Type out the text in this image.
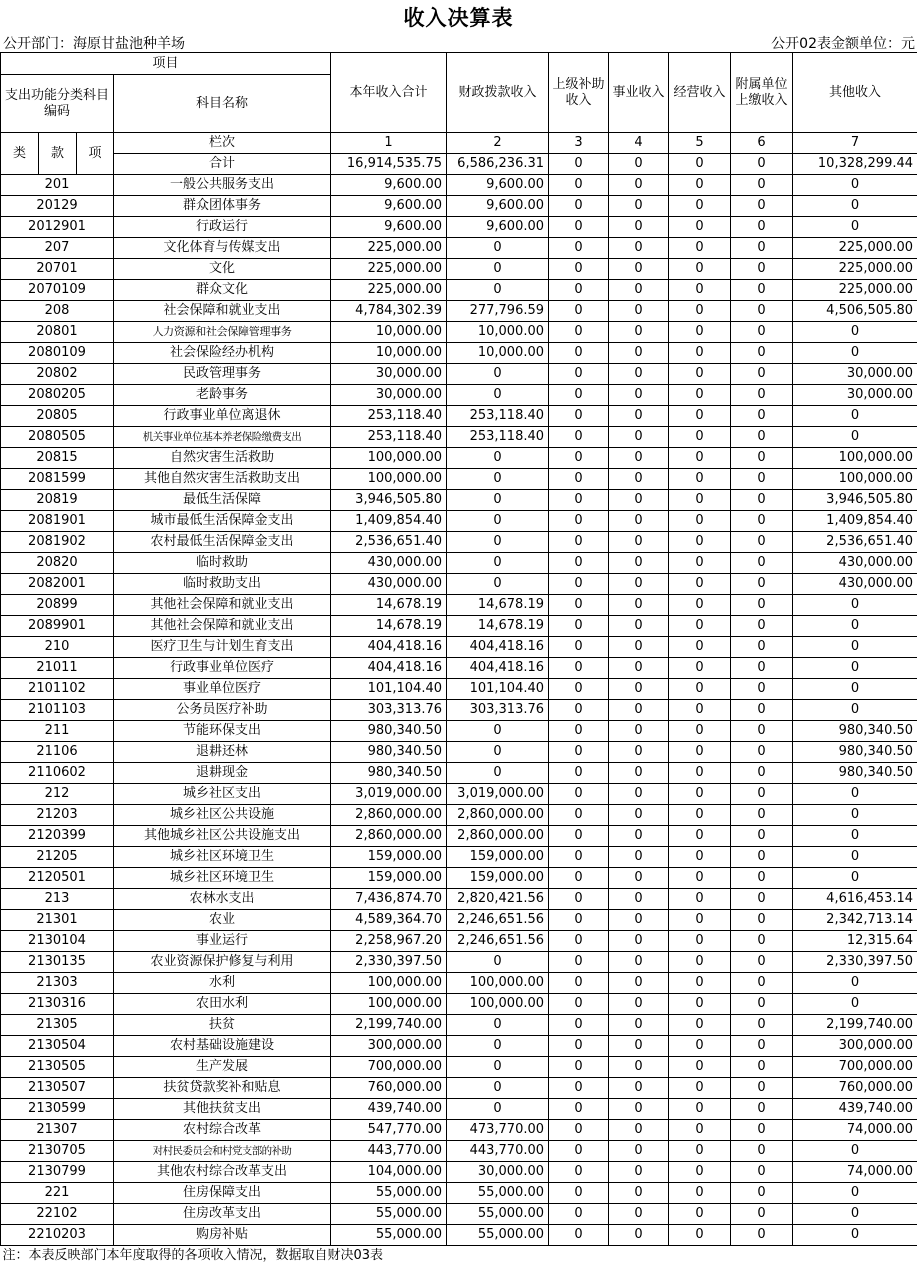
收入决算表
公开部门：海原甘盐池种羊场	公开02表金额单位：元
项目				本年收入合计	财政拨款收入	上级补助收入	事业收入	经营收入	附属单位上缴收入	其他收入
支出功能分类科目编码			科目名称							
类	款	项	栏次	1	2	3	4	5	6	7
			合计	16,914,535.75	6,586,236.31	0	0	0	0	10,328,299.44
201			一般公共服务支出	9,600.00	9,600.00	0	0	0	0	0
20129			群众团体事务	9,600.00	9,600.00	0	0	0	0	0
2012901			行政运行	9,600.00	9,600.00	0	0	0	0	0
207			文化体育与传媒支出	225,000.00	0	0	0	0	0	225,000.00
20701			文化	225,000.00	0	0	0	0	0	225,000.00
2070109			群众文化	225,000.00	0	0	0	0	0	225,000.00
208			社会保障和就业支出	4,784,302.39	277,796.59	0	0	0	0	4,506,505.80
20801			人力资源和社会保障管理事务	10,000.00	10,000.00	0	0	0	0	0
2080109			社会保险经办机构	10,000.00	10,000.00	0	0	0	0	0
20802			民政管理事务	30,000.00	0	0	0	0	0	30,000.00
2080205			老龄事务	30,000.00	0	0	0	0	0	30,000.00
20805			行政事业单位离退休	253,118.40	253,118.40	0	0	0	0	0
2080505			机关事业单位基本养老保险缴费支出	253,118.40	253,118.40	0	0	0	0	0
20815			自然灾害生活救助	100,000.00	0	0	0	0	0	100,000.00
2081599			其他自然灾害生活救助支出	100,000.00	0	0	0	0	0	100,000.00
20819			最低生活保障	3,946,505.80	0	0	0	0	0	3,946,505.80
2081901			城市最低生活保障金支出	1,409,854.40	0	0	0	0	0	1,409,854.40
2081902			农村最低生活保障金支出	2,536,651.40	0	0	0	0	0	2,536,651.40
20820			临时救助	430,000.00	0	0	0	0	0	430,000.00
2082001			临时救助支出	430,000.00	0	0	0	0	0	430,000.00
20899			其他社会保障和就业支出	14,678.19	14,678.19	0	0	0	0	0
2089901			其他社会保障和就业支出	14,678.19	14,678.19	0	0	0	0	0
210			医疗卫生与计划生育支出	404,418.16	404,418.16	0	0	0	0	0
21011			行政事业单位医疗	404,418.16	404,418.16	0	0	0	0	0
2101102			事业单位医疗	101,104.40	101,104.40	0	0	0	0	0
2101103			公务员医疗补助	303,313.76	303,313.76	0	0	0	0	0
211			节能环保支出	980,340.50	0	0	0	0	0	980,340.50
21106			退耕还林	980,340.50	0	0	0	0	0	980,340.50
2110602			退耕现金	980,340.50	0	0	0	0	0	980,340.50
212			城乡社区支出	3,019,000.00	3,019,000.00	0	0	0	0	0
21203			城乡社区公共设施	2,860,000.00	2,860,000.00	0	0	0	0	0
2120399			其他城乡社区公共设施支出	2,860,000.00	2,860,000.00	0	0	0	0	0
21205			城乡社区环境卫生	159,000.00	159,000.00	0	0	0	0	0
2120501			城乡社区环境卫生	159,000.00	159,000.00	0	0	0	0	0
213			农林水支出	7,436,874.70	2,820,421.56	0	0	0	0	4,616,453.14
21301			农业	4,589,364.70	2,246,651.56	0	0	0	0	2,342,713.14
2130104			事业运行	2,258,967.20	2,246,651.56	0	0	0	0	12,315.64
2130135			农业资源保护修复与利用	2,330,397.50	0	0	0	0	0	2,330,397.50
21303			水利	100,000.00	100,000.00	0	0	0	0	0
2130316			农田水利	100,000.00	100,000.00	0	0	0	0	0
21305			扶贫	2,199,740.00	0	0	0	0	0	2,199,740.00
2130504			农村基础设施建设	300,000.00	0	0	0	0	0	300,000.00
2130505			生产发展	700,000.00	0	0	0	0	0	700,000.00
2130507			扶贫贷款奖补和贴息	760,000.00	0	0	0	0	0	760,000.00
2130599			其他扶贫支出	439,740.00	0	0	0	0	0	439,740.00
21307			农村综合改革	547,770.00	473,770.00	0	0	0	0	74,000.00
2130705			对村民委员会和村党支部的补助	443,770.00	443,770.00	0	0	0	0	0
2130799			其他农村综合改革支出	104,000.00	30,000.00	0	0	0	0	74,000.00
221			住房保障支出	55,000.00	55,000.00	0	0	0	0	0
22102			住房改革支出	55,000.00	55,000.00	0	0	0	0	0
2210203			购房补贴	55,000.00	55,000.00	0	0	0	0	0
注：本表反映部门本年度取得的各项收入情况，数据取自财决03表										
